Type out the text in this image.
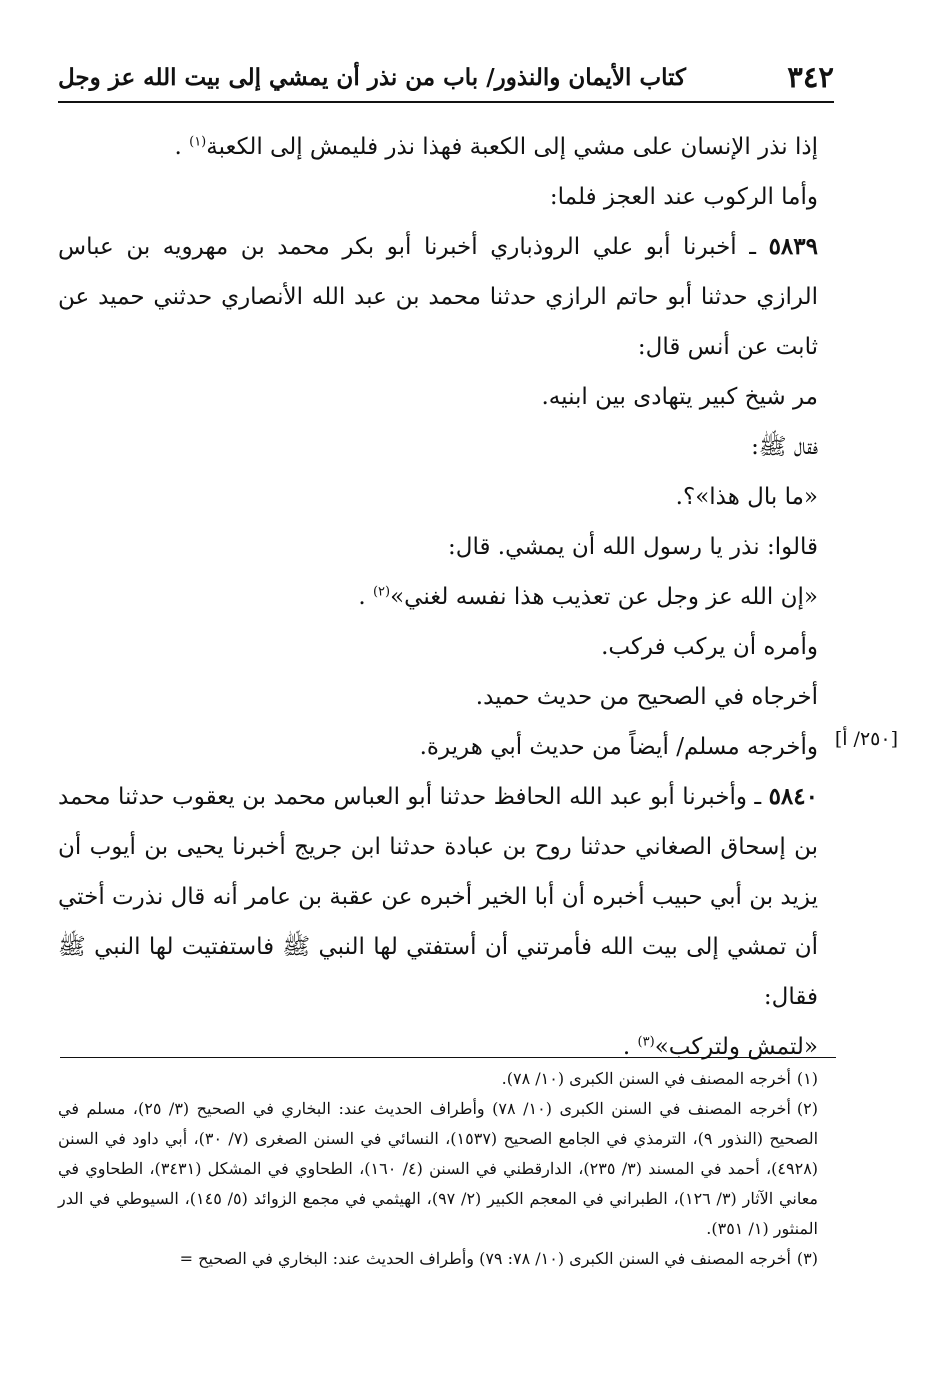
٣٤٢
كتاب الأيمان والنذور/ باب من نذر أن يمشي إلى بيت الله عز وجل

إذا نذر الإنسان على مشي إلى الكعبة فهذا نذر فليمش إلى الكعبة$^{(١)}$ .

وأما الركوب عند العجز فلما:

٥٨٣٩ ـ أخبرنا أبو علي الروذباري أخبرنا أبو بكر محمد بن مهرويه بن عباس الرازي حدثنا أبو حاتم الرازي حدثنا محمد بن عبد الله الأنصاري حدثني حميد عن ثابت عن أنس قال:

مر شيخ كبير يتهادى بين ابنيه.

فقال ﷺ:

«ما بال هذا»؟.

قالوا: نذر يا رسول الله أن يمشي. قال:

«إن الله عز وجل عن تعذيب هذا نفسه لغني»$^{(٢)}$ .

وأمره أن يركب فركب.

أخرجاه في الصحيح من حديث حميد.

وأخرجه مسلم/ أيضاً من حديث أبي هريرة.

٥٨٤٠ ـ وأخبرنا أبو عبد الله الحافظ حدثنا أبو العباس محمد بن يعقوب حدثنا محمد بن إسحاق الصغاني حدثنا روح بن عبادة حدثنا ابن جريج أخبرنا يحيى بن أيوب أن يزيد بن أبي حبيب أخبره أن أبا الخير أخبره عن عقبة بن عامر أنه قال نذرت أختي أن تمشي إلى بيت الله فأمرتني أن أستفتي لها النبي ﷺ فاستفتيت لها النبي ﷺ فقال:

«لتمش ولتركب»$^{(٣)}$ .

[٢٥٠/ أ]

(١)أخرجه المصنف في السنن الكبرى (١٠/ ٧٨).

(٢)أخرجه المصنف في السنن الكبرى (١٠/ ٧٨) وأطراف الحديث عند: البخاري في الصحيح (٣/ ٢٥)، مسلم في الصحيح (النذور ٩)، الترمذي في الجامع الصحيح (١٥٣٧)، النسائي في السنن الصغرى (٧/ ٣٠)، أبي داود في السنن (٤٩٢٨)، أحمد في المسند (٣/ ٢٣٥)، الدارقطني في السنن (٤/ ١٦٠)، الطحاوي في المشكل (٣٤٣١)، الطحاوي في معاني الآثار (٣/ ١٢٦)، الطبراني في المعجم الكبير (٢/ ٩٧)، الهيثمي في مجمع الزوائد (٥/ ١٤٥)، السيوطي في الدر المنثور (١/ ٣٥١).

(٣)أخرجه المصنف في السنن الكبرى (١٠/ ٧٨: ٧٩) وأطراف الحديث عند: البخاري في الصحيح =
